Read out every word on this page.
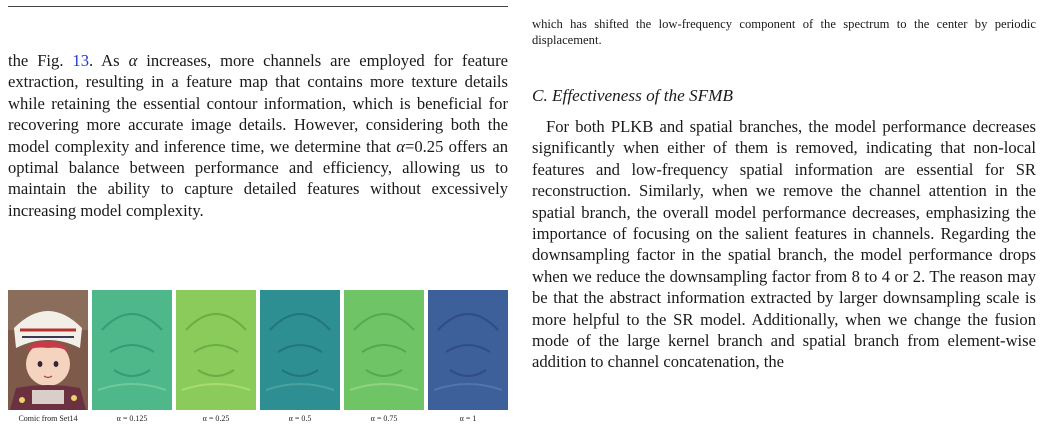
the Fig. 13. As α increases, more channels are employed for feature extraction, resulting in a feature map that contains more texture details while retaining the essential contour information, which is beneficial for recovering more accurate image details. However, considering both the model complexity and inference time, we determine that α=0.25 offers an optimal balance between performance and efficiency, allowing us to maintain the ability to capture detailed features without excessively increasing model complexity.

Comic from Set14	α = 0.125	α = 0.25	α = 0.5	α = 0.75	α = 1

which has shifted the low-frequency component of the spectrum to the center by periodic displacement.

C. Effectiveness of the SFMB

For both PLKB and spatial branches, the model performance decreases significantly when either of them is removed, indicating that non-local features and low-frequency spatial information are essential for SR reconstruction. Similarly, when we remove the channel attention in the spatial branch, the overall model performance decreases, emphasizing the importance of focusing on the salient features in channels. Regarding the downsampling factor in the spatial branch, the model performance drops when we reduce the downsampling factor from 8 to 4 or 2. The reason may be that the abstract information extracted by larger downsampling scale is more helpful to the SR model. Additionally, when we change the fusion mode of the large kernel branch and spatial branch from element-wise addition to channel concatenation, the
